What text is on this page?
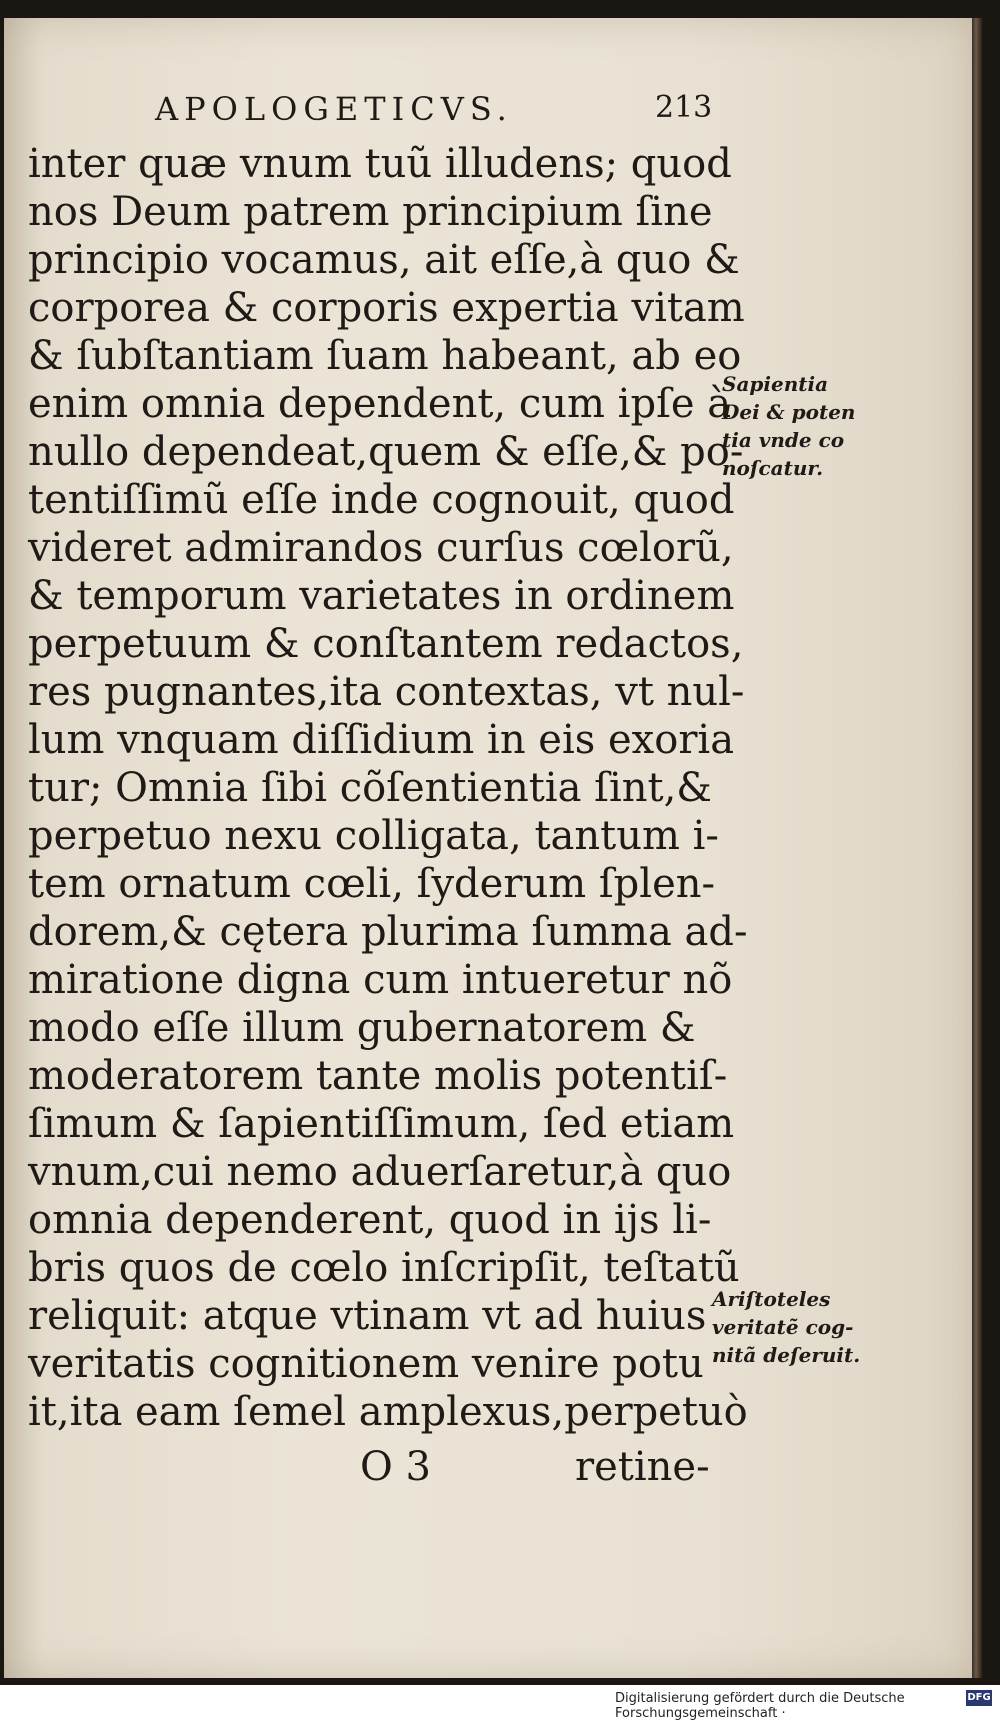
APOLOGETICVS.	213
inter quæ vnum tuũ illudens; quod
nos Deum patrem principium ſine
principio vocamus, ait eſſe,à quo &
corporea & corporis expertia vitam
& ſubſtantiam ſuam habeant, ab eo
enim omnia dependent, cum ipſe à
nullo dependeat,quem & eſſe,& po-
tentiſſimũ eſſe inde cognouit, quod
videret admirandos curſus cœlorũ,
& temporum varietates in ordinem
perpetuum & conſtantem redactos,
res pugnantes,ita contextas, vt nul-
lum vnquam diſſidium in eis exoria
tur; Omnia ſibi cõſentientia ſint,&
perpetuo nexu colligata, tantum i-
tem ornatum cœli, ſyderum ſplen-
dorem,& cętera plurima ſumma ad-
miratione digna cum intueretur nõ
modo eſſe illum gubernatorem &
moderatorem tante molis potentiſ-
ſimum & ſapientiſſimum, ſed etiam
vnum,cui nemo aduerſaretur,à quo
omnia dependerent, quod in ijs li-
bris quos de cœlo inſcripſit, teſtatũ
reliquit: atque vtinam vt ad huius
veritatis cognitionem venire potu
it,ita eam ſemel amplexus,perpetuò
Sapientia
Dei & poten
tia vnde co
noſcatur.
Ariſtoteles
veritatẽ cog-
nitã deſeruit.
O 3	retine-
Digitalisierung gefördert durch die Deutsche Forschungsgemeinschaft ·
DFG
